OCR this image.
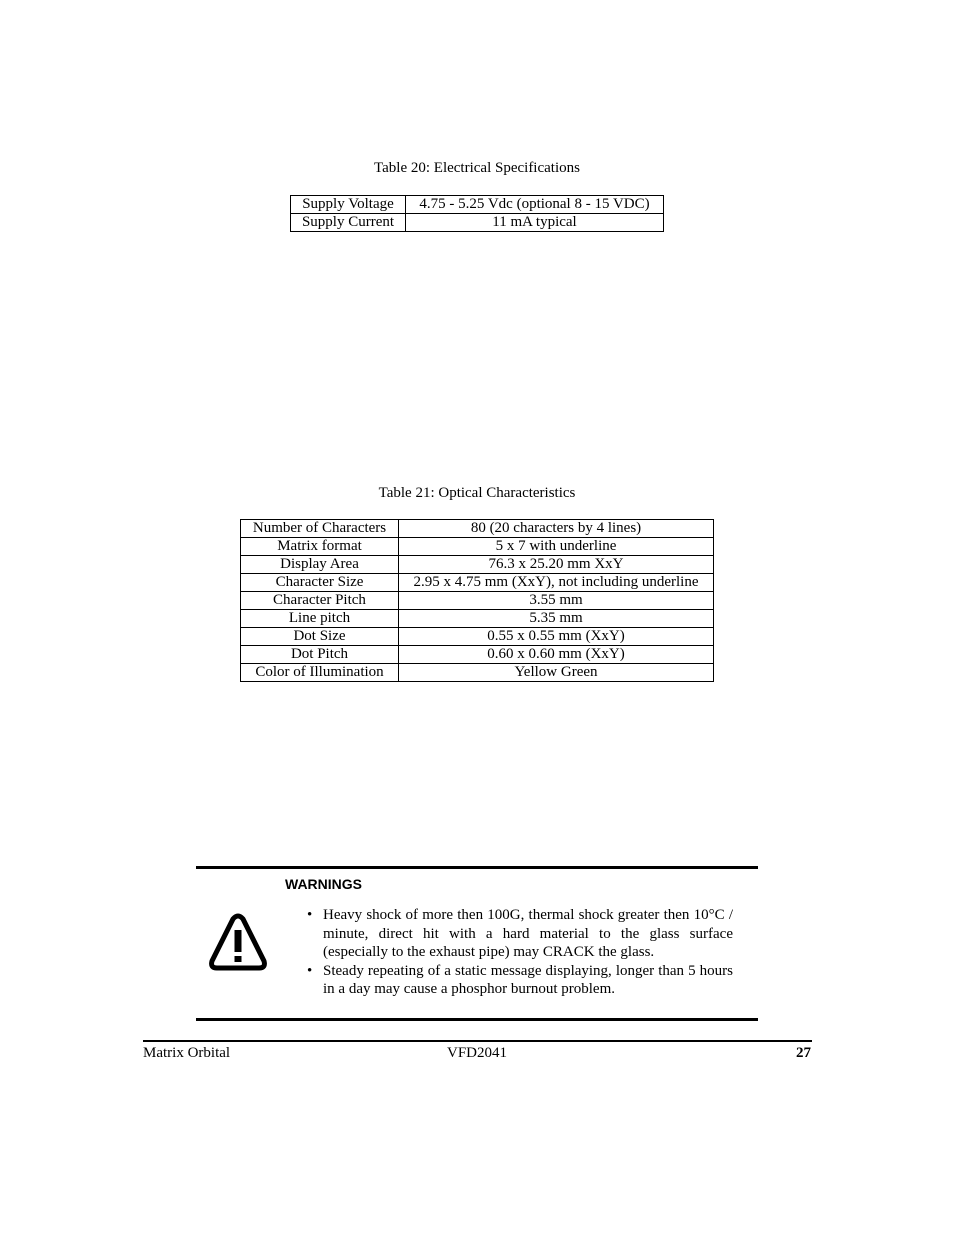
Table 20: Electrical Specifications
Supply Voltage	4.75 - 5.25 Vdc (optional 8 - 15 VDC)
Supply Current	11 mA typical
Table 21: Optical Characteristics
Number of Characters	80 (20 characters by 4 lines)
Matrix format	5 x 7 with underline
Display Area	76.3 x 25.20 mm XxY
Character Size	2.95 x 4.75 mm (XxY), not including underline
Character Pitch	3.55 mm
Line pitch	5.35 mm
Dot Size	0.55 x 0.55 mm (XxY)
Dot Pitch	0.60 x 0.60 mm (XxY)
Color of Illumination	Yellow Green
WARNINGS
• Heavy shock of more then 100G, thermal shock greater then 10°C / minute, direct hit with a hard material to the glass surface (especially to the exhaust pipe) may CRACK the glass.
• Steady repeating of a static message displaying, longer than 5 hours in a day may cause a phosphor burnout problem.
Matrix Orbital	VFD2041	27
